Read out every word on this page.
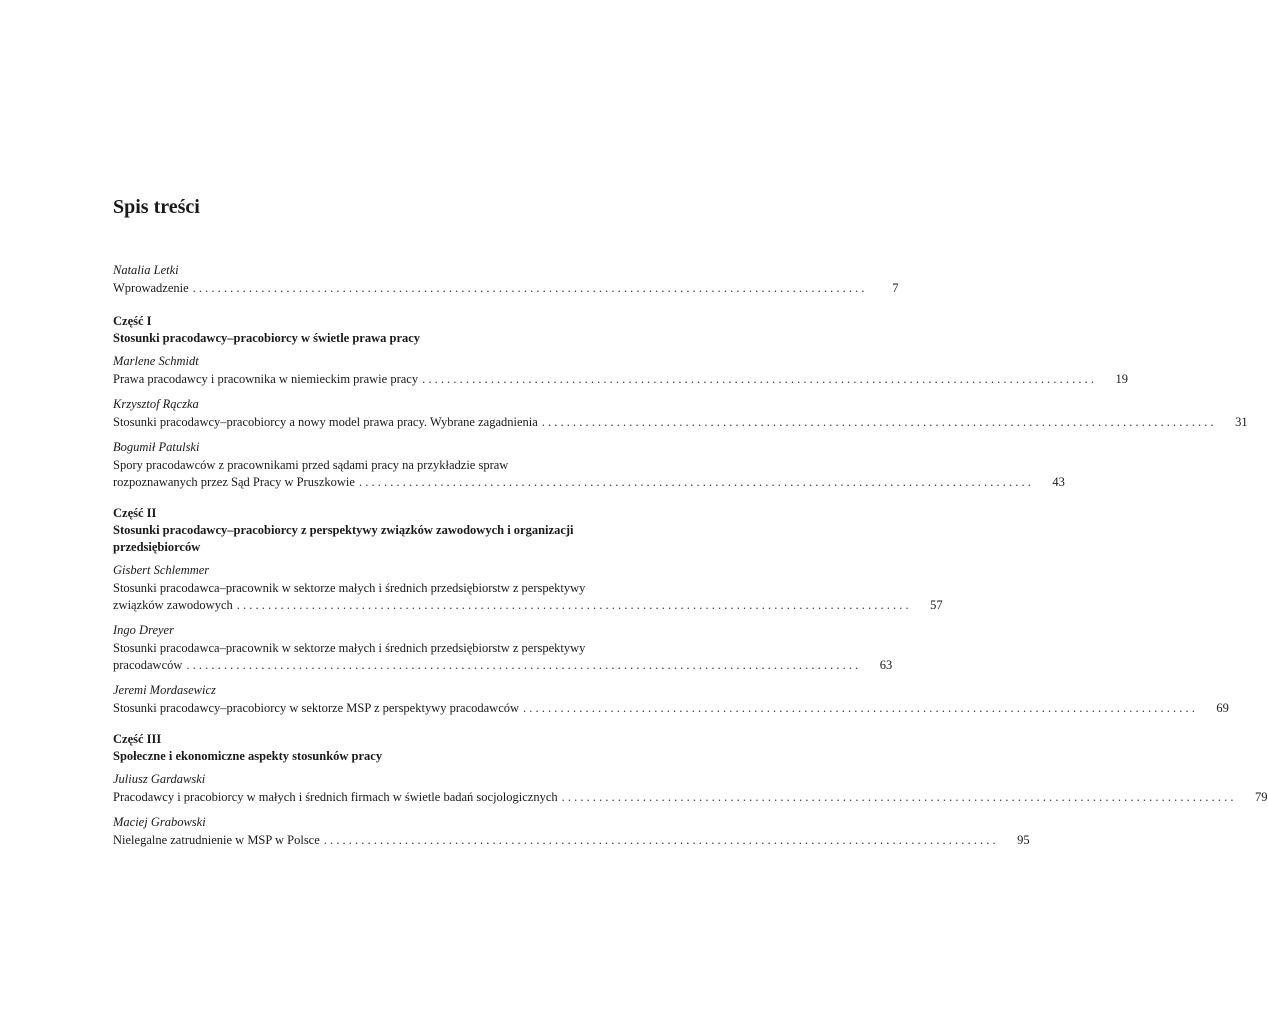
Spis treści
Natalia Letki
Wprowadzenie . . .	7
Część I
Stosunki pracodawcy–pracobiorcy w świetle prawa pracy
Marlene Schmidt
Prawa pracodawcy i pracownika w niemieckim prawie pracy . . .	19
Krzysztof Rączka
Stosunki pracodawcy–pracobiorcy a nowy model prawa pracy. Wybrane zagadnienia . . .	31
Bogumił Patulski
Spory pracodawców z pracownikami przed sądami pracy na przykładzie spraw
rozpoznawanych przez Sąd Pracy w Pruszkowie . . .	43
Część II
Stosunki pracodawcy–pracobiorcy z perspektywy związków zawodowych i organizacji
przedsiębiorców
Gisbert Schlemmer
Stosunki pracodawca–pracownik w sektorze małych i średnich przedsiębiorstw z perspektywy
związków zawodowych . . .	57
Ingo Dreyer
Stosunki pracodawca–pracownik w sektorze małych i średnich przedsiębiorstw z perspektywy
pracodawców . . .	63
Jeremi Mordasewicz
Stosunki pracodawcy–pracobiorcy w sektorze MSP z perspektywy pracodawców . . .	69
Część III
Społeczne i ekonomiczne aspekty stosunków pracy
Juliusz Gardawski
Pracodawcy i pracobiorcy w małych i średnich firmach w świetle badań socjologicznych . . .	79
Maciej Grabowski
Nielegalne zatrudnienie w MSP w Polsce . . .	95
